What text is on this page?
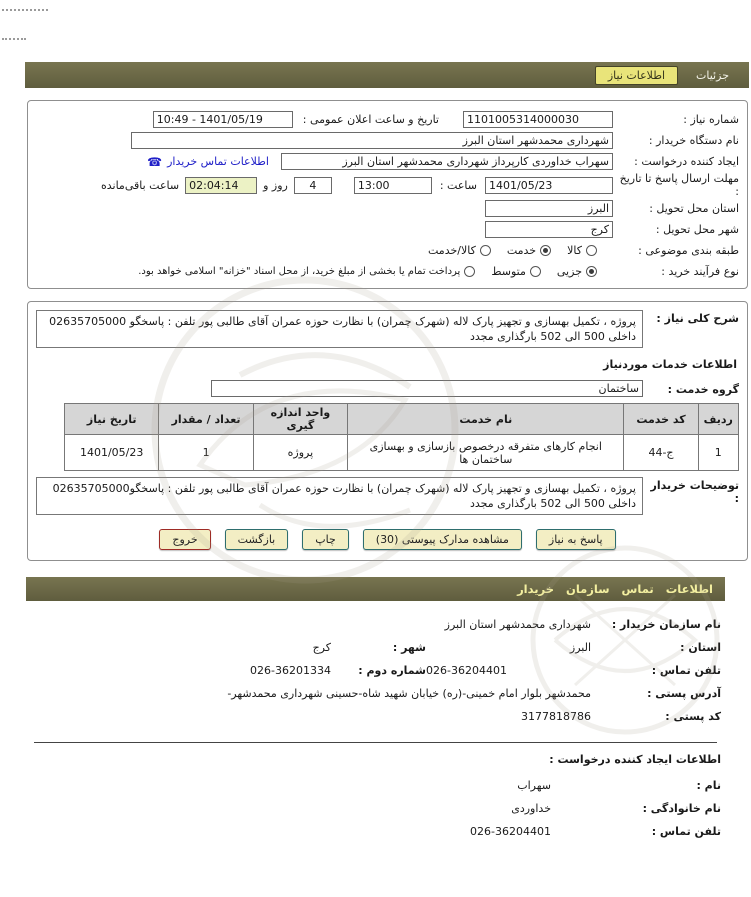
جزئیات
اطلاعات نیاز
شماره نیاز :
1101005314000030
تاریخ و ساعت اعلان عمومی :
10:49 - 1401/05/19
نام دستگاه خریدار :
شهرداری محمدشهر استان البرز
ایجاد کننده درخواست :
سهراب خداوردی کارپرداز شهرداری محمدشهر استان البرز
اطلاعات تماس خریدار
☎
مهلت ارسال پاسخ تا تاریخ :
1401/05/23
ساعت :
13:00
4
روز و
02:04:14
ساعت باقی‌مانده
استان محل تحویل :
البرز
شهر محل تحویل :
کرج
طبقه بندی موضوعی :
کالا
خدمت
کالا/خدمت
نوع فرآیند خرید :
جزیی
متوسط
پرداخت تمام یا بخشی از مبلغ خرید، از محل اسناد "خزانه" اسلامی خواهد بود.
شرح کلی نیاز :
پروژه ، تکمیل بهسازی و تجهیز پارک لاله (شهرک چمران) با نظارت حوزه عمران آقای طالبی پور تلفن : پاسخگو 02635705000 داخلی 500 الی 502 بارگذاری مجدد
اطلاعات خدمات موردنیاز
گروه خدمت :
ساختمان
ردیف	کد خدمت	نام خدمت	واحد اندازه گیری	تعداد / مقدار	تاریخ نیاز
1	ج-44	انجام کارهای متفرقه درخصوص بازسازی و بهسازی ساختمان ها	پروژه	1	1401/05/23
توضیحات خریدار :
پروژه ، تکمیل بهسازی و تجهیز پارک لاله (شهرک چمران) با نظارت حوزه عمران آقای طالبی پور تلفن : پاسخگو02635705000 داخلی 500 الی 502 بارگذاری مجدد
پاسخ به نیاز
مشاهده مدارک پیوستی (30)
چاپ
بازگشت
خروج
اطلاعات تماس سازمان خریدار
نام سازمان خریدار :
شهرداری محمدشهر استان البرز
استان :
البرز
شهر :
کرج
تلفن تماس :
026-36204401
شماره دوم :
026-36201334
آدرس پستی :
محمدشهر بلوار امام خمینی-(ره) خیابان شهید شاه-حسینی شهرداری محمدشهر-
کد پستی :
3177818786
اطلاعات ایجاد کننده درخواست :
نام :
سهراب
نام خانوادگی :
خداوردی
تلفن تماس :
026-36204401
